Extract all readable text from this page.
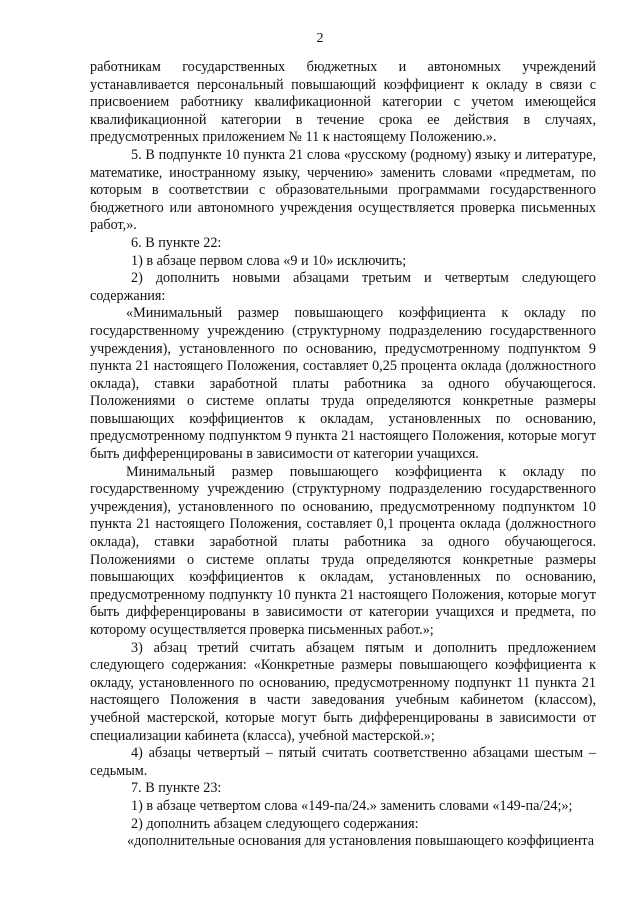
2

работникам государственных бюджетных и автономных учреждений устанавливается персональный повышающий коэффициент к окладу в связи с присвоением работнику квалификационной категории с учетом имеющейся квалификационной категории в течение срока ее действия в случаях, предусмотренных приложением № 11 к настоящему Положению.».

5. В подпункте 10 пункта 21 слова «русскому (родному) языку и литературе, математике, иностранному языку, черчению» заменить словами «предметам, по которым в соответствии с образовательными программами государственного бюджетного или автономного учреждения осуществляется проверка письменных работ,».

6. В пункте 22:

1) в абзаце первом слова «9 и 10» исключить;

2) дополнить новыми абзацами третьим и четвертым следующего содержания:

«Минимальный размер повышающего коэффициента к окладу по государственному учреждению (структурному подразделению государственного учреждения), установленного по основанию, предусмотренному подпунктом 9 пункта 21 настоящего Положения, составляет 0,25 процента оклада (должностного оклада), ставки заработной платы работника за одного обучающегося. Положениями о системе оплаты труда определяются конкретные размеры повышающих коэффициентов к окладам, установленных по основанию, предусмотренному подпунктом 9 пункта 21 настоящего Положения, которые могут быть дифференцированы в зависимости от категории учащихся.

Минимальный размер повышающего коэффициента к окладу по государственному учреждению (структурному подразделению государственного учреждения), установленного по основанию, предусмотренному подпунктом 10 пункта 21 настоящего Положения, составляет 0,1 процента оклада (должностного оклада), ставки заработной платы работника за одного обучающегося. Положениями о системе оплаты труда определяются конкретные размеры повышающих коэффициентов к окладам, установленных по основанию, предусмотренному подпункту 10 пункта 21 настоящего Положения, которые могут быть дифференцированы в зависимости от категории учащихся и предмета, по которому осуществляется проверка письменных работ.»;

3) абзац третий считать абзацем пятым и дополнить предложением следующего содержания: «Конкретные размеры повышающего коэффициента к окладу, установленного по основанию, предусмотренному подпункт 11 пункта 21 настоящего Положения в части заведования учебным кабинетом (классом), учебной мастерской, которые могут быть дифференцированы в зависимости от специализации кабинета (класса), учебной мастерской.»;

4) абзацы четвертый – пятый считать соответственно абзацами шестым – седьмым.

7. В пункте 23:

1) в абзаце четвертом слова «149-па/24.» заменить словами «149-па/24;»;

2) дополнить абзацем следующего содержания:

«дополнительные основания для установления повышающего коэффициента
